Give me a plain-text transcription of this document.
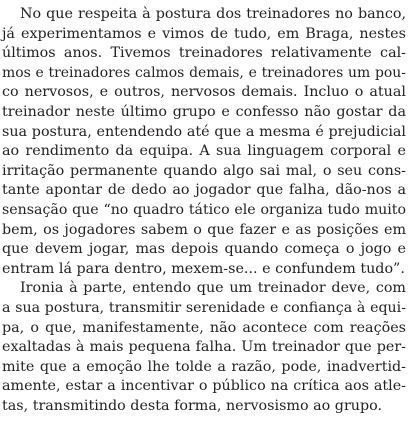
No que respeita à postura dos treinadores no banco,
já experimentamos e vimos de tudo, em Braga, nestes
últimos anos. Tivemos treinadores relativamente cal-
mos e treinadores calmos demais, e treinadores um pou-
co nervosos, e outros, nervosos demais. Incluo o atual
treinador neste último grupo e confesso não gostar da
sua postura, entendendo até que a mesma é prejudicial
ao rendimento da equipa. A sua linguagem corporal e
irritação permanente quando algo sai mal, o seu cons-
tante apontar de dedo ao jogador que falha, dão-nos a
sensação que “no quadro tático ele organiza tudo muito
bem, os jogadores sabem o que fazer e as posições em
que devem jogar, mas depois quando começa o jogo e
entram lá para dentro, mexem-se... e confundem tudo”.
Ironia à parte, entendo que um treinador deve, com
a sua postura, transmitir serenidade e confiança à equi-
pa, o que, manifestamente, não acontece com reações
exaltadas à mais pequena falha. Um treinador que per-
mite que a emoção lhe tolde a razão, pode, inadvertid-
amente, estar a incentivar o público na crítica aos atle-
tas, transmitindo desta forma, nervosismo ao grupo.
